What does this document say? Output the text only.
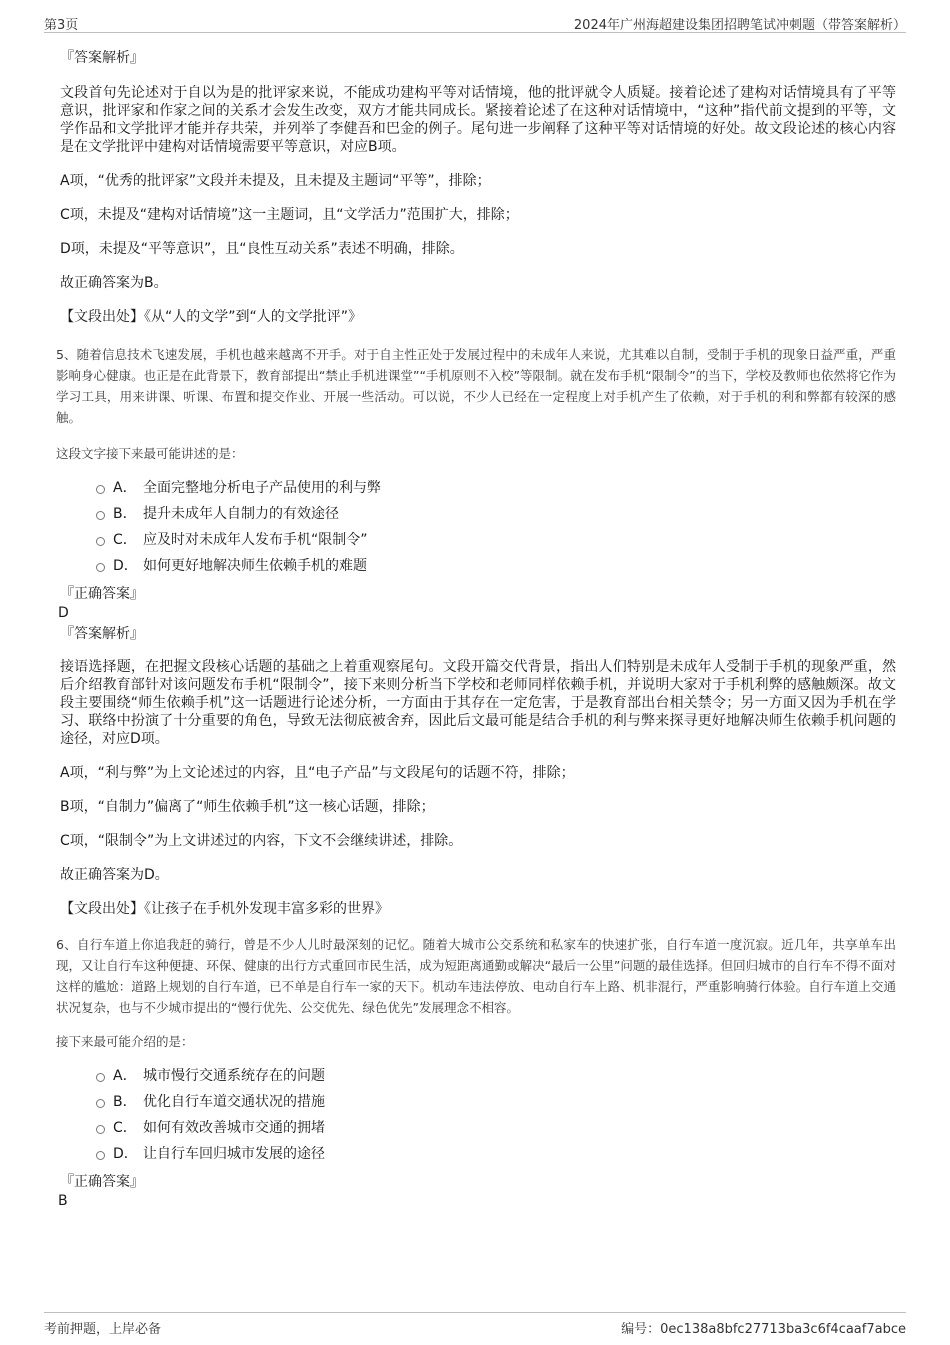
第3页	2024年广州海超建设集团招聘笔试冲刺题（带答案解析）

『答案解析』

文段首句先论述对于自以为是的批评家来说，不能成功建构平等对话情境，他的批评就令人质疑。接着论述了建构对话情境具有了平等意识，批评家和作家之间的关系才会发生改变，双方才能共同成长。紧接着论述了在这种对话情境中，“这种”指代前文提到的平等，文学作品和文学批评才能并存共荣，并列举了李健吾和巴金的例子。尾句进一步阐释了这种平等对话情境的好处。故文段论述的核心内容是在文学批评中建构对话情境需要平等意识，对应B项。

A项，“优秀的批评家”文段并未提及，且未提及主题词“平等”，排除；

C项，未提及“建构对话情境”这一主题词，且“文学活力”范围扩大，排除；

D项，未提及“平等意识”，且“良性互动关系”表述不明确，排除。

故正确答案为B。

【文段出处】《从“人的文学”到“人的文学批评”》

5、随着信息技术飞速发展，手机也越来越离不开手。对于自主性正处于发展过程中的未成年人来说，尤其难以自制，受制于手机的现象日益严重，严重影响身心健康。也正是在此背景下，教育部提出“禁止手机进课堂”“手机原则不入校”等限制。就在发布手机“限制令”的当下，学校及教师也依然将它作为学习工具，用来讲课、听课、布置和提交作业、开展一些活动。可以说，不少人已经在一定程度上对手机产生了依赖，对于手机的利和弊都有较深的感触。

这段文字接下来最可能讲述的是：

A． 全面完整地分析电子产品使用的利与弊
B． 提升未成年人自制力的有效途径
C． 应及时对未成年人发布手机“限制令”
D． 如何更好地解决师生依赖手机的难题

『正确答案』

D

『答案解析』

接语选择题，在把握文段核心话题的基础之上着重观察尾句。文段开篇交代背景，指出人们特别是未成年人受制于手机的现象严重，然后介绍教育部针对该问题发布手机“限制令”，接下来则分析当下学校和老师同样依赖手机，并说明大家对于手机利弊的感触颇深。故文段主要围绕“师生依赖手机”这一话题进行论述分析，一方面由于其存在一定危害，于是教育部出台相关禁令；另一方面又因为手机在学习、联络中扮演了十分重要的角色，导致无法彻底被舍弃，因此后文最可能是结合手机的利与弊来探寻更好地解决师生依赖手机问题的途径，对应D项。

A项，“利与弊”为上文论述过的内容，且“电子产品”与文段尾句的话题不符，排除；

B项，“自制力”偏离了“师生依赖手机”这一核心话题，排除；

C项，“限制令”为上文讲述过的内容，下文不会继续讲述，排除。

故正确答案为D。

【文段出处】《让孩子在手机外发现丰富多彩的世界》

6、自行车道上你追我赶的骑行，曾是不少人儿时最深刻的记忆。随着大城市公交系统和私家车的快速扩张，自行车道一度沉寂。近几年，共享单车出现，又让自行车这种便捷、环保、健康的出行方式重回市民生活，成为短距离通勤或解决“最后一公里”问题的最佳选择。但回归城市的自行车不得不面对这样的尴尬：道路上规划的自行车道，已不单是自行车一家的天下。机动车违法停放、电动自行车上路、机非混行，严重影响骑行体验。自行车道上交通状况复杂，也与不少城市提出的“慢行优先、公交优先、绿色优先”发展理念不相容。

接下来最可能介绍的是：

A． 城市慢行交通系统存在的问题
B． 优化自行车道交通状况的措施
C． 如何有效改善城市交通的拥堵
D． 让自行车回归城市发展的途径

『正确答案』

B

考前押题，上岸必备	编号：0ec138a8bfc27713ba3c6f4caaf7abce
